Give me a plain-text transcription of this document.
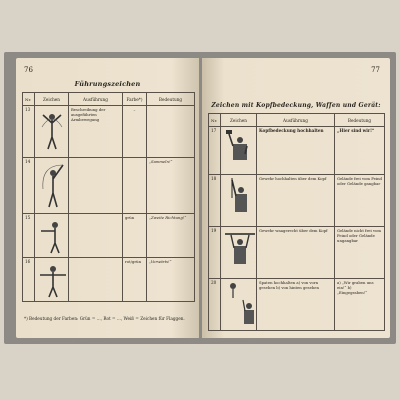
76
Führungszeichen
Nr.	Zeichen	Ausführung	Farbe*)	Bedeutung
13		Beschreibung der ausgeführten Armbewegung	–	
14				„Sammeln!“
15			grün	„Zweite Richtung!“
16			rot/grün	„Vorwärts!“
*) Bedeutung der Farben: Grün = ..., Rot = ..., Weiß = Zeichen für Flaggen.
77
Zeichen mit Kopfbedeckung, Waffen und Gerät:
Nr.	Zeichen	Ausführung	Bedeutung
17		Kopfbedeckung hochhalten	„Hier sind wir!“
18		Gewehr hochhalten über dem Kopf	Gelände frei vom Feind oder Gelände gangbar
19		Gewehr waagerecht über dem Kopf	Gelände nicht frei vom Feind oder Gelände ungangbar
20		Spaten hochhalten a) von vorn gesehen b) von hinten gesehen	a) „Wir graben uns ein!“ b) „Eingegraben!“
